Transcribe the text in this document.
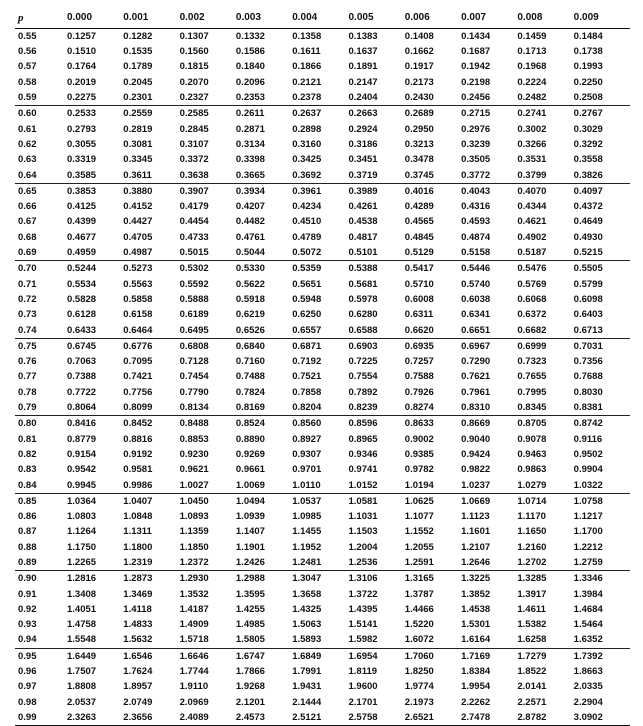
p	0.000	0.001	0.002	0.003	0.004	0.005	0.006	0.007	0.008	0.009
0.55	0.1257	0.1282	0.1307	0.1332	0.1358	0.1383	0.1408	0.1434	0.1459	0.1484
0.56	0.1510	0.1535	0.1560	0.1586	0.1611	0.1637	0.1662	0.1687	0.1713	0.1738
0.57	0.1764	0.1789	0.1815	0.1840	0.1866	0.1891	0.1917	0.1942	0.1968	0.1993
0.58	0.2019	0.2045	0.2070	0.2096	0.2121	0.2147	0.2173	0.2198	0.2224	0.2250
0.59	0.2275	0.2301	0.2327	0.2353	0.2378	0.2404	0.2430	0.2456	0.2482	0.2508
0.60	0.2533	0.2559	0.2585	0.2611	0.2637	0.2663	0.2689	0.2715	0.2741	0.2767
0.61	0.2793	0.2819	0.2845	0.2871	0.2898	0.2924	0.2950	0.2976	0.3002	0.3029
0.62	0.3055	0.3081	0.3107	0.3134	0.3160	0.3186	0.3213	0.3239	0.3266	0.3292
0.63	0.3319	0.3345	0.3372	0.3398	0.3425	0.3451	0.3478	0.3505	0.3531	0.3558
0.64	0.3585	0.3611	0.3638	0.3665	0.3692	0.3719	0.3745	0.3772	0.3799	0.3826
0.65	0.3853	0.3880	0.3907	0.3934	0.3961	0.3989	0.4016	0.4043	0.4070	0.4097
0.66	0.4125	0.4152	0.4179	0.4207	0.4234	0.4261	0.4289	0.4316	0.4344	0.4372
0.67	0.4399	0.4427	0.4454	0.4482	0.4510	0.4538	0.4565	0.4593	0.4621	0.4649
0.68	0.4677	0.4705	0.4733	0.4761	0.4789	0.4817	0.4845	0.4874	0.4902	0.4930
0.69	0.4959	0.4987	0.5015	0.5044	0.5072	0.5101	0.5129	0.5158	0.5187	0.5215
0.70	0.5244	0.5273	0.5302	0.5330	0.5359	0.5388	0.5417	0.5446	0.5476	0.5505
0.71	0.5534	0.5563	0.5592	0.5622	0.5651	0.5681	0.5710	0.5740	0.5769	0.5799
0.72	0.5828	0.5858	0.5888	0.5918	0.5948	0.5978	0.6008	0.6038	0.6068	0.6098
0.73	0.6128	0.6158	0.6189	0.6219	0.6250	0.6280	0.6311	0.6341	0.6372	0.6403
0.74	0.6433	0.6464	0.6495	0.6526	0.6557	0.6588	0.6620	0.6651	0.6682	0.6713
0.75	0.6745	0.6776	0.6808	0.6840	0.6871	0.6903	0.6935	0.6967	0.6999	0.7031
0.76	0.7063	0.7095	0.7128	0.7160	0.7192	0.7225	0.7257	0.7290	0.7323	0.7356
0.77	0.7388	0.7421	0.7454	0.7488	0.7521	0.7554	0.7588	0.7621	0.7655	0.7688
0.78	0.7722	0.7756	0.7790	0.7824	0.7858	0.7892	0.7926	0.7961	0.7995	0.8030
0.79	0.8064	0.8099	0.8134	0.8169	0.8204	0.8239	0.8274	0.8310	0.8345	0.8381
0.80	0.8416	0.8452	0.8488	0.8524	0.8560	0.8596	0.8633	0.8669	0.8705	0.8742
0.81	0.8779	0.8816	0.8853	0.8890	0.8927	0.8965	0.9002	0.9040	0.9078	0.9116
0.82	0.9154	0.9192	0.9230	0.9269	0.9307	0.9346	0.9385	0.9424	0.9463	0.9502
0.83	0.9542	0.9581	0.9621	0.9661	0.9701	0.9741	0.9782	0.9822	0.9863	0.9904
0.84	0.9945	0.9986	1.0027	1.0069	1.0110	1.0152	1.0194	1.0237	1.0279	1.0322
0.85	1.0364	1.0407	1.0450	1.0494	1.0537	1.0581	1.0625	1.0669	1.0714	1.0758
0.86	1.0803	1.0848	1.0893	1.0939	1.0985	1.1031	1.1077	1.1123	1.1170	1.1217
0.87	1.1264	1.1311	1.1359	1.1407	1.1455	1.1503	1.1552	1.1601	1.1650	1.1700
0.88	1.1750	1.1800	1.1850	1.1901	1.1952	1.2004	1.2055	1.2107	1.2160	1.2212
0.89	1.2265	1.2319	1.2372	1.2426	1.2481	1.2536	1.2591	1.2646	1.2702	1.2759
0.90	1.2816	1.2873	1.2930	1.2988	1.3047	1.3106	1.3165	1.3225	1.3285	1.3346
0.91	1.3408	1.3469	1.3532	1.3595	1.3658	1.3722	1.3787	1.3852	1.3917	1.3984
0.92	1.4051	1.4118	1.4187	1.4255	1.4325	1.4395	1.4466	1.4538	1.4611	1.4684
0.93	1.4758	1.4833	1.4909	1.4985	1.5063	1.5141	1.5220	1.5301	1.5382	1.5464
0.94	1.5548	1.5632	1.5718	1.5805	1.5893	1.5982	1.6072	1.6164	1.6258	1.6352
0.95	1.6449	1.6546	1.6646	1.6747	1.6849	1.6954	1.7060	1.7169	1.7279	1.7392
0.96	1.7507	1.7624	1.7744	1.7866	1.7991	1.8119	1.8250	1.8384	1.8522	1.8663
0.97	1.8808	1.8957	1.9110	1.9268	1.9431	1.9600	1.9774	1.9954	2.0141	2.0335
0.98	2.0537	2.0749	2.0969	2.1201	2.1444	2.1701	2.1973	2.2262	2.2571	2.2904
0.99	2.3263	2.3656	2.4089	2.4573	2.5121	2.5758	2.6521	2.7478	2.8782	3.0902
